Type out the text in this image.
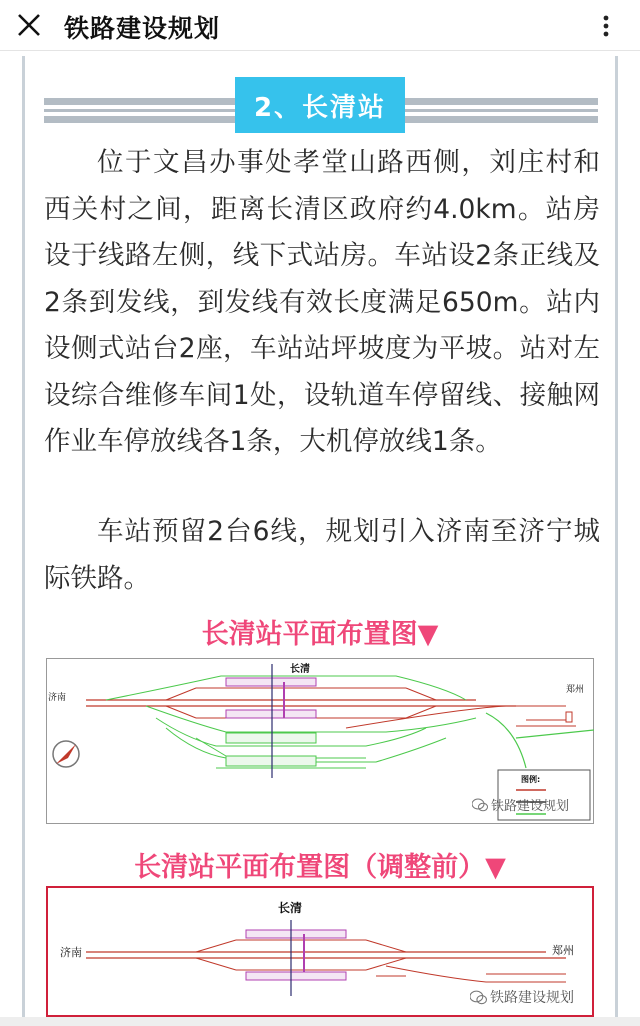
铁路建设规划
2、长清站

位于文昌办事处孝堂山路西侧，刘庄村和西关村之间，距离长清区政府约4.0km。站房设于线路左侧，线下式站房。车站设2条正线及2条到发线，到发线有效长度满足650m。站内设侧式站台2座，车站站坪坡度为平坡。站对左设综合维修车间1处，设轨道车停留线、接触网作业车停放线各1条，大机停放线1条。

车站预留2台6线，规划引入济南至济宁城际铁路。

长清站平面布置图▼
长清
济南
郑州
图例:
铁路建设规划
长清站平面布置图（调整前）▼
长清
济南	郑州
铁路建设规划
